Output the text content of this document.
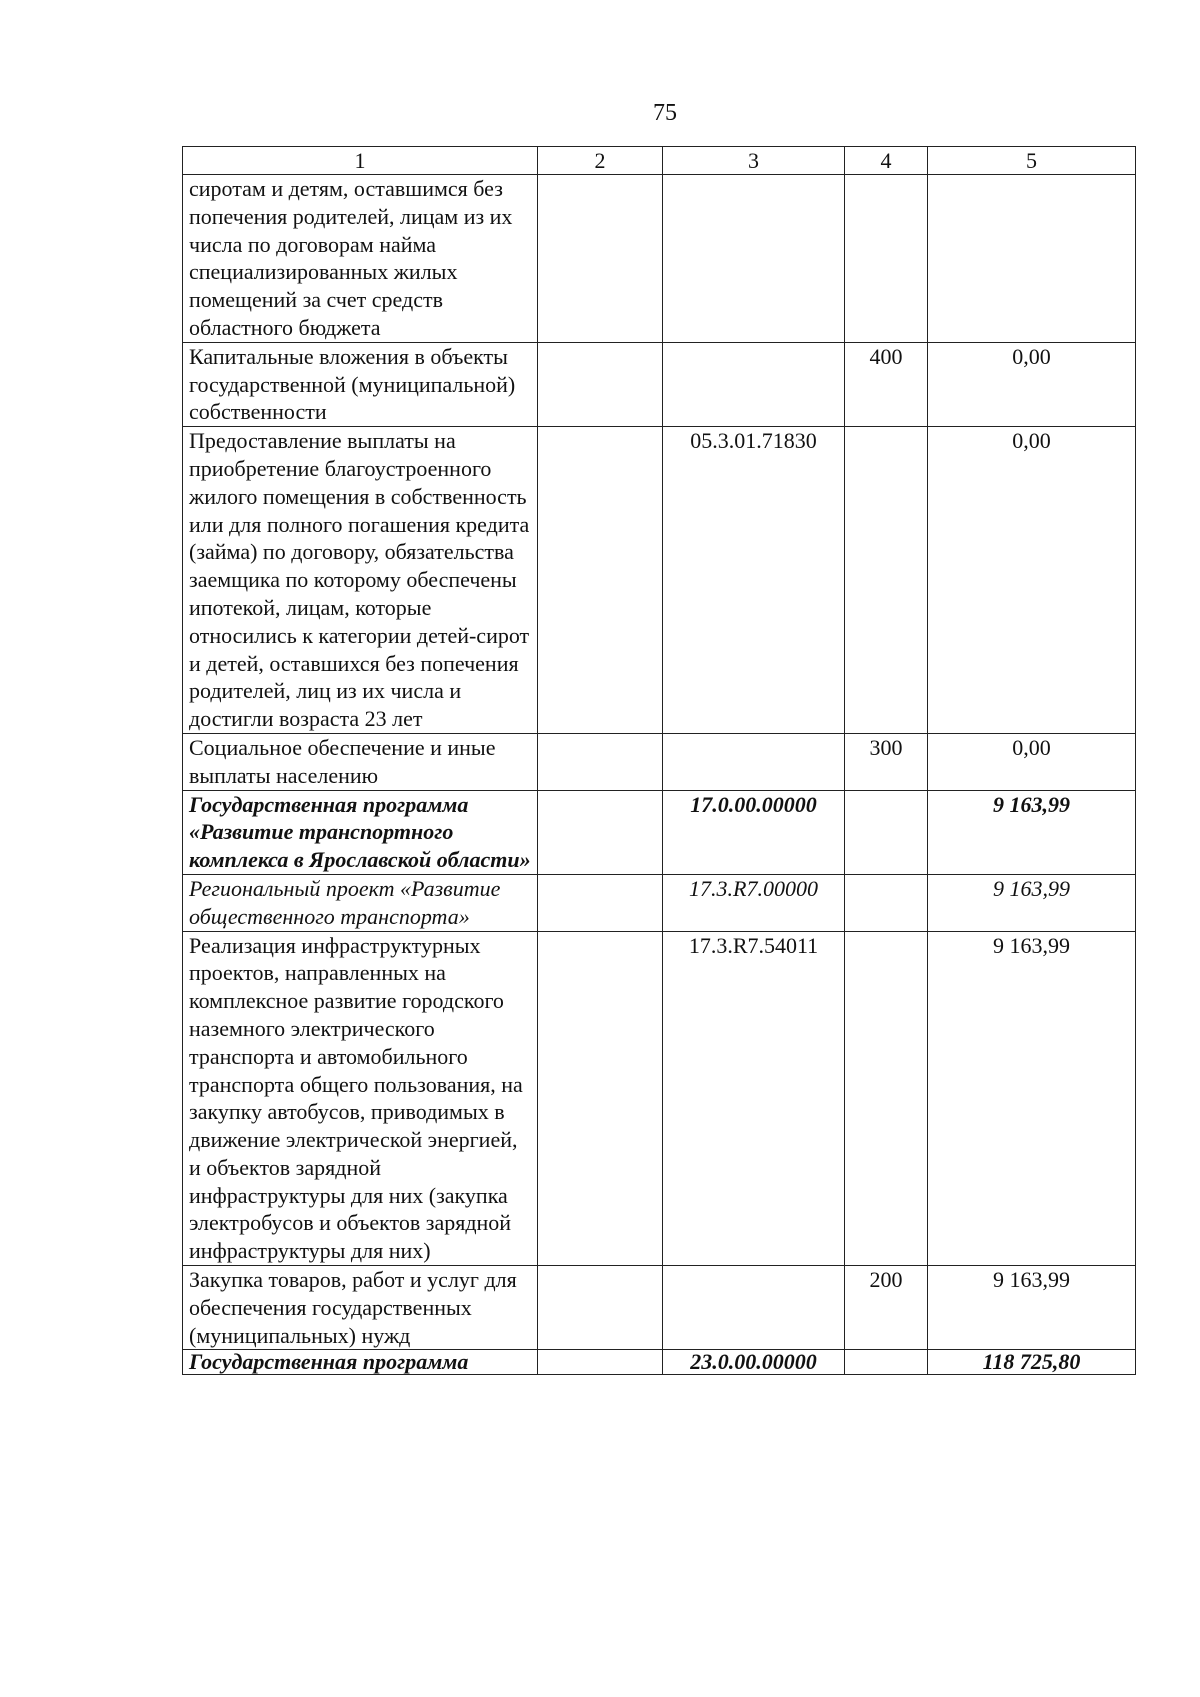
75
1	2	3	4	5
сиротам и детям, оставшимся без попечения родителей, лицам из их числа по договорам найма специализированных жилых помещений за счет средств областного бюджета				
Капитальные вложения в объекты государственной (муниципальной) собственности			400	0,00
Предоставление выплаты на приобретение благоустроенного жилого помещения в собственность или для полного погашения кредита (займа) по договору, обязательства заемщика по которому обеспечены ипотекой, лицам, которые относились к категории детей-сирот и детей, оставшихся без попечения родителей, лиц из их числа и достигли возраста 23 лет		05.3.01.71830		0,00
Социальное обеспечение и иные выплаты населению			300	0,00
Государственная программа «Развитие транспортного комплекса в Ярославской области»		17.0.00.00000		9 163,99
Региональный проект «Развитие общественного транспорта»		17.3.R7.00000		9 163,99
Реализация инфраструктурных проектов, направленных на комплексное развитие городского наземного электрического транспорта и автомобильного транспорта общего пользования, на закупку автобусов, приводимых в движение электрической энергией, и объектов зарядной инфраструктуры для них (закупка электробусов и объектов зарядной инфраструктуры для них)		17.3.R7.54011		9 163,99
Закупка товаров, работ и услуг для обеспечения государственных (муниципальных) нужд			200	9 163,99
Государственная программа		23.0.00.00000		118 725,80
